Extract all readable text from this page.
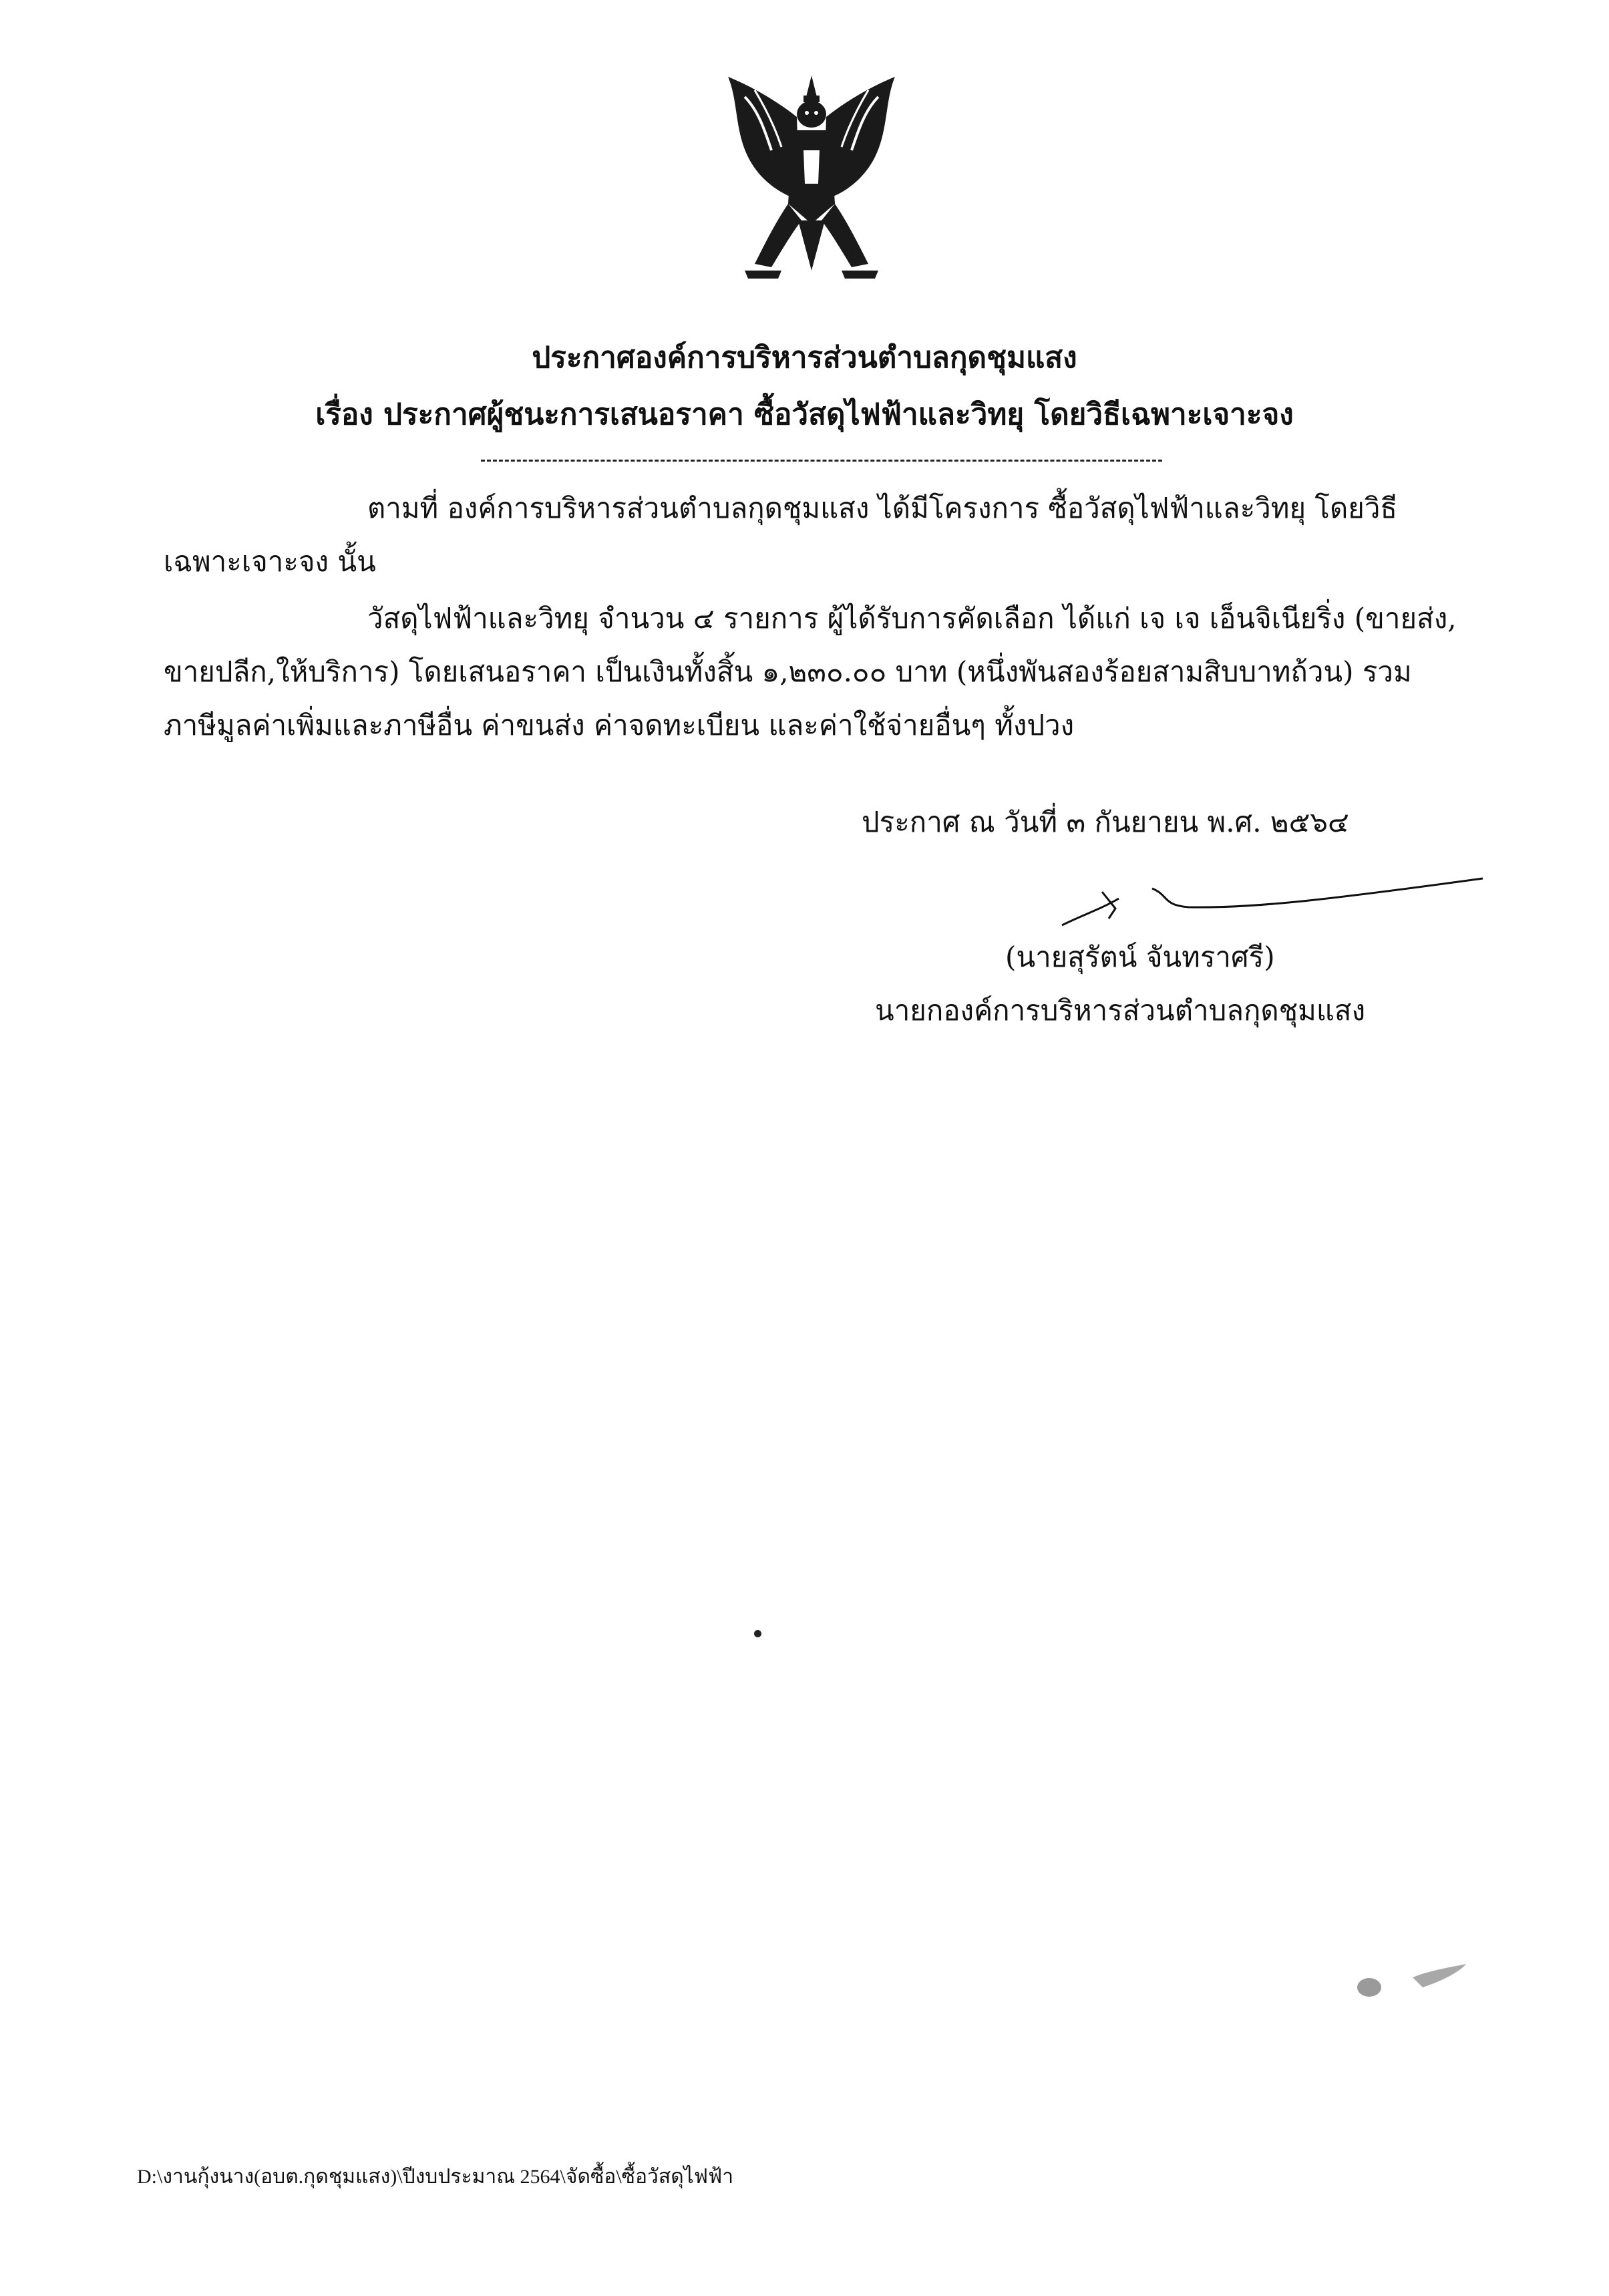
ประกาศองค์การบริหารส่วนตำบลกุดชุมแสง
เรื่อง ประกาศผู้ชนะการเสนอราคา ซื้อวัสดุไฟฟ้าและวิทยุ โดยวิธีเฉพาะเจาะจง
ตามที่ องค์การบริหารส่วนตำบลกุดชุมแสง ได้มีโครงการ ซื้อวัสดุไฟฟ้าและวิทยุ โดยวิธี
เฉพาะเจาะจง นั้น
วัสดุไฟฟ้าและวิทยุ จำนวน ๔ รายการ ผู้ได้รับการคัดเลือก ได้แก่ เจ เจ เอ็นจิเนียริ่ง (ขายส่ง,
ขายปลีก,ให้บริการ) โดยเสนอราคา เป็นเงินทั้งสิ้น ๑,๒๓๐.๐๐ บาท (หนึ่งพันสองร้อยสามสิบบาทถ้วน) รวม
ภาษีมูลค่าเพิ่มและภาษีอื่น ค่าขนส่ง ค่าจดทะเบียน และค่าใช้จ่ายอื่นๆ ทั้งปวง
ประกาศ ณ วันที่ ๓ กันยายน พ.ศ. ๒๕๖๔
(นายสุรัตน์ จันทราศรี)
นายกองค์การบริหารส่วนตำบลกุดชุมแสง
D:\งานกุ้งนาง(อบต.กุดชุมแสง)\ปีงบประมาณ 2564\จัดซื้อ\ซื้อวัสดุไฟฟ้า
